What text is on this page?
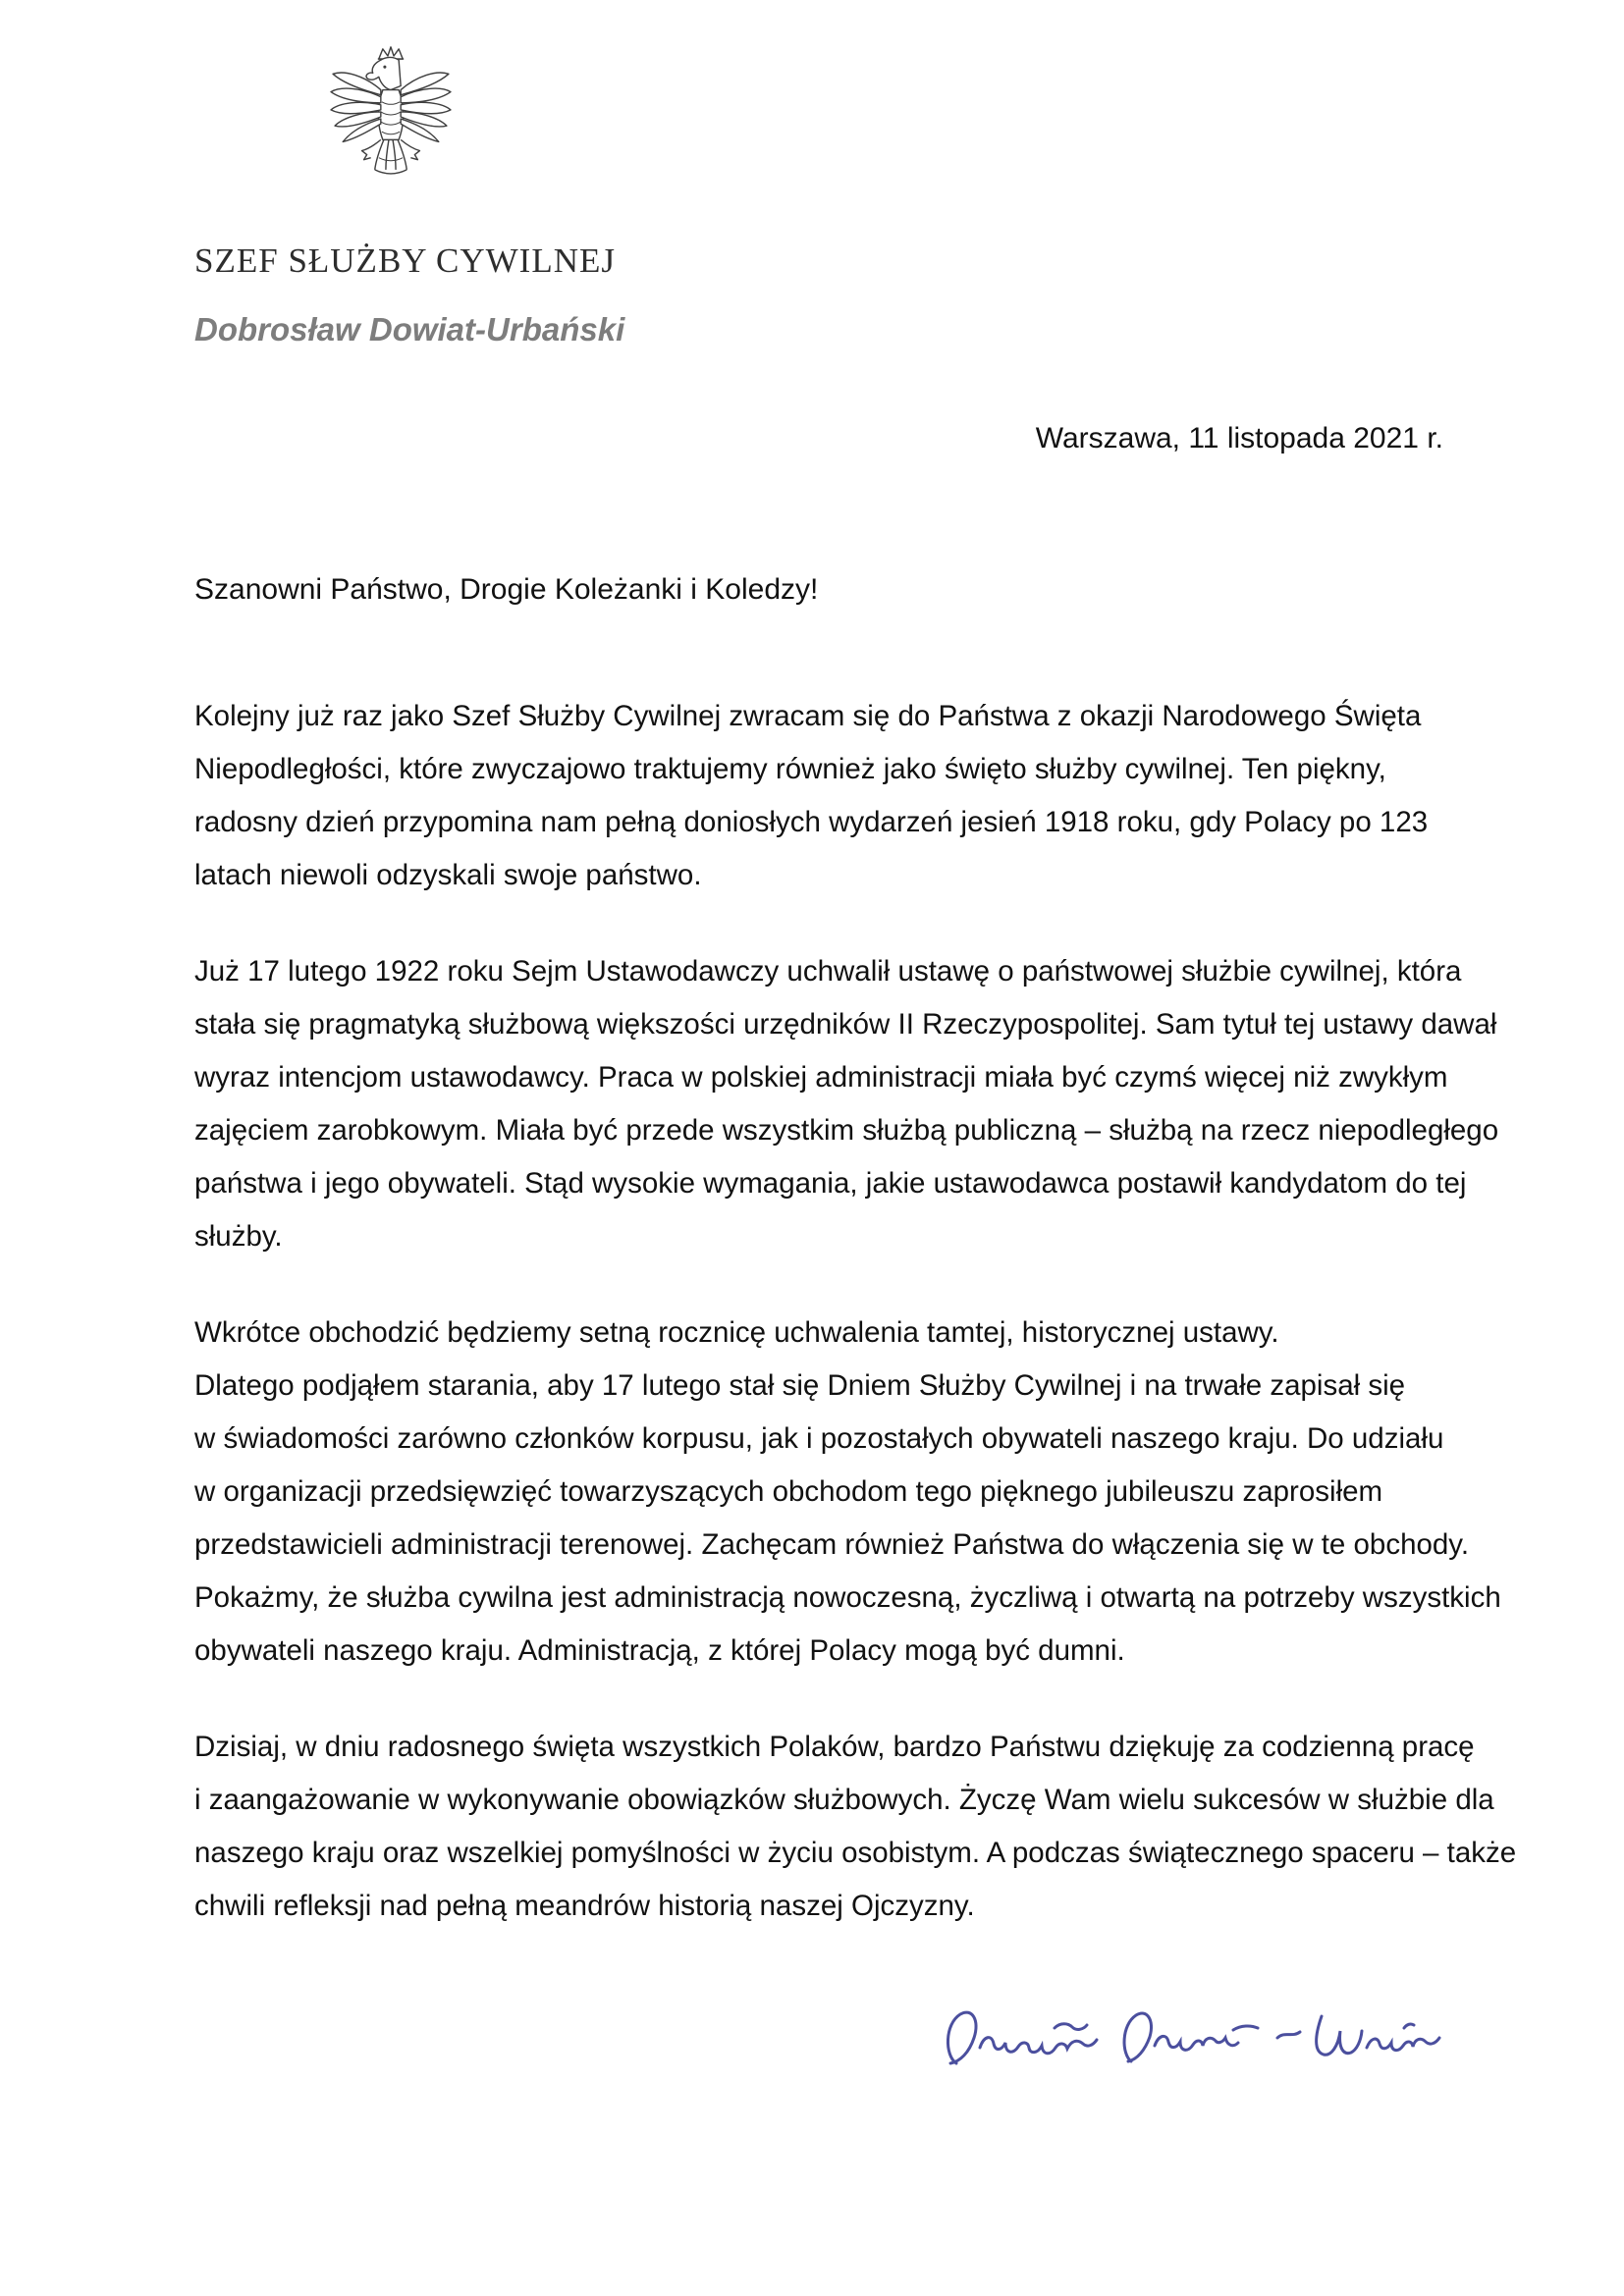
SZEF SŁUŻBY CYWILNEJ
Dobrosław Dowiat-Urbański
Warszawa, 11 listopada 2021 r.
Szanowni Państwo, Drogie Koleżanki i Koledzy!

Kolejny już raz jako Szef Służby Cywilnej zwracam się do Państwa z okazji Narodowego Święta
Niepodległości, które zwyczajowo traktujemy również jako święto służby cywilnej. Ten piękny,
radosny dzień przypomina nam pełną doniosłych wydarzeń jesień 1918 roku, gdy Polacy po 123
latach niewoli odzyskali swoje państwo.

Już 17 lutego 1922 roku Sejm Ustawodawczy uchwalił ustawę o państwowej służbie cywilnej, która
stała się pragmatyką służbową większości urzędników II Rzeczypospolitej. Sam tytuł tej ustawy dawał
wyraz intencjom ustawodawcy. Praca w polskiej administracji miała być czymś więcej niż zwykłym
zajęciem zarobkowym. Miała być przede wszystkim służbą publiczną – służbą na rzecz niepodległego
państwa i jego obywateli. Stąd wysokie wymagania, jakie ustawodawca postawił kandydatom do tej
służby.

Wkrótce obchodzić będziemy setną rocznicę uchwalenia tamtej, historycznej ustawy.
Dlatego podjąłem starania, aby 17 lutego stał się Dniem Służby Cywilnej i na trwałe zapisał się
w świadomości zarówno członków korpusu, jak i pozostałych obywateli naszego kraju. Do udziału
w organizacji przedsięwzięć towarzyszących obchodom tego pięknego jubileuszu zaprosiłem
przedstawicieli administracji terenowej. Zachęcam również Państwa do włączenia się w te obchody.
Pokażmy, że służba cywilna jest administracją nowoczesną, życzliwą i otwartą na potrzeby wszystkich
obywateli naszego kraju. Administracją, z której Polacy mogą być dumni.

Dzisiaj, w dniu radosnego święta wszystkich Polaków, bardzo Państwu dziękuję za codzienną pracę
i zaangażowanie w wykonywanie obowiązków służbowych. Życzę Wam wielu sukcesów w służbie dla
naszego kraju oraz wszelkiej pomyślności w życiu osobistym. A podczas świątecznego spaceru – także
chwili refleksji nad pełną meandrów historią naszej Ojczyzny.
